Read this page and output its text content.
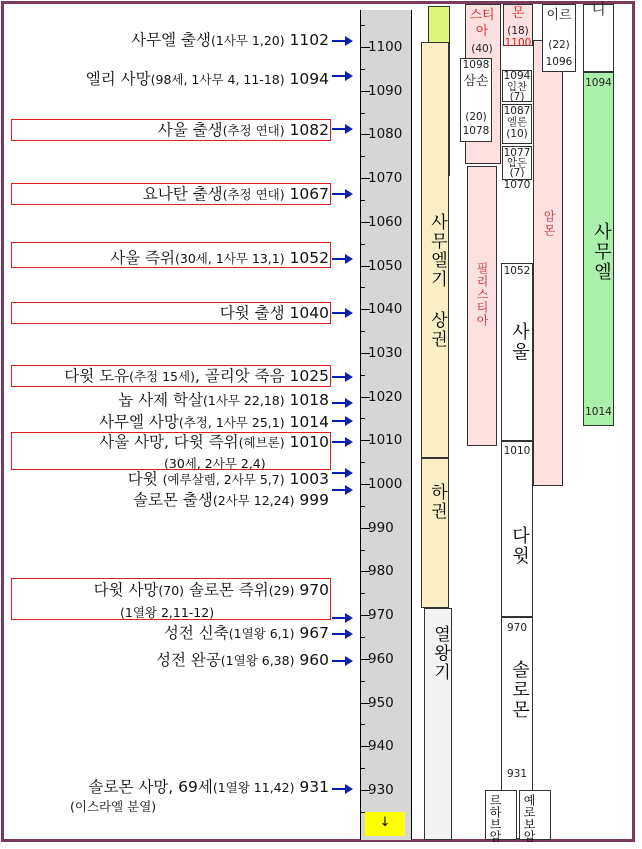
사무엘 출생(1사무 1,20) 1102
엘리 사망(98세, 1사무 4, 11-18) 1094
사울 출생(추정 연대) 1082
요나탄 출생(추정 연대) 1067
사울 즉위(30세, 1사무 13,1) 1052
다윗 출생 1040
다윗 도유(추정 15세), 골리앗 죽음 1025
놉 사제 학살(1사무 22,18) 1018
사무엘 사망(추정, 1사무 25,1) 1014
사울 사망, 다윗 즉위(헤브론) 1010
(30세, 2사무 2,4)
다윗 (예루살렘, 2사무 5,7) 1003
솔로몬 출생(2사무 12,24) 999
다윗 사망(70) 솔로몬 즉위(29) 970
(1열왕 2,11-12)
성전 신축(1열왕 6,1) 967
성전 완공(1열왕 6,38) 960
솔로몬 사망, 69세(1열왕 11,42) 931
(이스라엘 분열)
1100
1090
1080
1070
1060
1050
1040
1030
1020
1010
1000
990
980
970
960
950
940
930
↓
사무엘기 상권
하권
열왕기
스티아
(40)
1098
삼손
(20)
1078
필리스티아
몬
(18)
1100
1094
입찬
(7)
1087
엘론
(10)
1077
압돈
(7)
1070
1052
사울
1010
다윗
970
솔로몬
931
르하브암 예로보암
암몬
이르
(22)
1096
니
1094
사무엘
1014
